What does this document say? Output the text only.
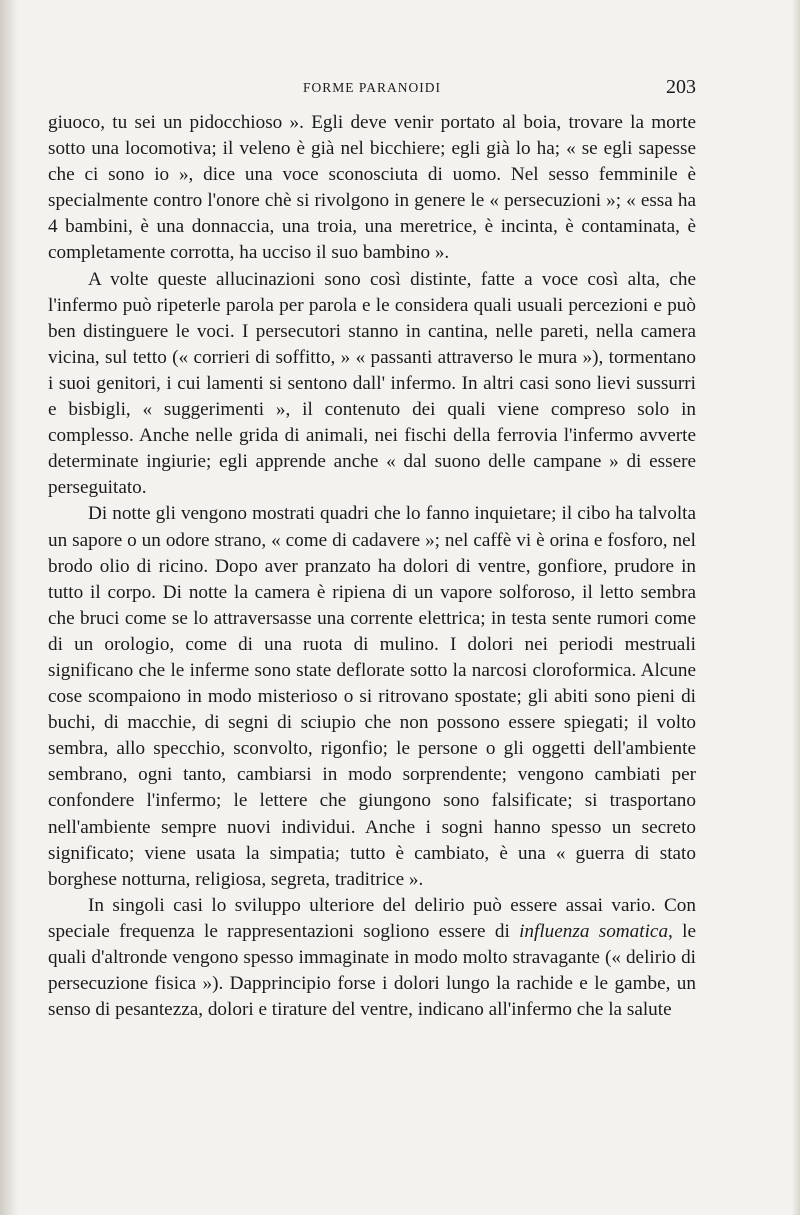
FORME PARANOIDI	203

giuoco, tu sei un pidocchioso ». Egli deve venir portato al boia, trovare la morte sotto una locomotiva; il veleno è già nel bicchiere; egli già lo ha; « se egli sapesse che ci sono io », dice una voce sconosciuta di uomo. Nel sesso femminile è specialmente contro l'onore chè si rivolgono in genere le « persecuzioni »; « essa ha 4 bambini, è una donnaccia, una troia, una meretrice, è incinta, è contaminata, è completamente corrotta, ha ucciso il suo bambino ».

A volte queste allucinazioni sono così distinte, fatte a voce così alta, che l'infermo può ripeterle parola per parola e le considera quali usuali percezioni e può ben distinguere le voci. I persecutori stanno in cantina, nelle pareti, nella camera vicina, sul tetto (« corrieri di soffitto, » « passanti attraverso le mura »), tormentano i suoi genitori, i cui lamenti si sentono dall' infermo. In altri casi sono lievi sussurri e bisbigli, « suggerimenti », il contenuto dei quali viene compreso solo in complesso. Anche nelle grida di animali, nei fischi della ferrovia l'infermo avverte determinate ingiurie; egli apprende anche « dal suono delle campane » di essere perseguitato.

Di notte gli vengono mostrati quadri che lo fanno inquietare; il cibo ha talvolta un sapore o un odore strano, « come di cadavere »; nel caffè vi è orina e fosforo, nel brodo olio di ricino. Dopo aver pranzato ha dolori di ventre, gonfiore, prudore in tutto il corpo. Di notte la camera è ripiena di un vapore solforoso, il letto sembra che bruci come se lo attraversasse una corrente elettrica; in testa sente rumori come di un orologio, come di una ruota di mulino. I dolori nei periodi mestruali significano che le inferme sono state deflorate sotto la narcosi cloroformica. Alcune cose scompaiono in modo misterioso o si ritrovano spostate; gli abiti sono pieni di buchi, di macchie, di segni di sciupio che non possono essere spiegati; il volto sembra, allo specchio, sconvolto, rigonfio; le persone o gli oggetti dell'ambiente sembrano, ogni tanto, cambiarsi in modo sorprendente; vengono cambiati per confondere l'infermo; le lettere che giungono sono falsificate; si trasportano nell'ambiente sempre nuovi individui. Anche i sogni hanno spesso un secreto significato; viene usata la simpatia; tutto è cambiato, è una « guerra di stato borghese notturna, religiosa, segreta, traditrice ».

In singoli casi lo sviluppo ulteriore del delirio può essere assai vario. Con speciale frequenza le rappresentazioni sogliono essere di influenza somatica, le quali d'altronde vengono spesso immaginate in modo molto stravagante (« delirio di persecuzione fisica »). Dapprincipio forse i dolori lungo la rachide e le gambe, un senso di pesantezza, dolori e tirature del ventre, indicano all'infermo che la salute
